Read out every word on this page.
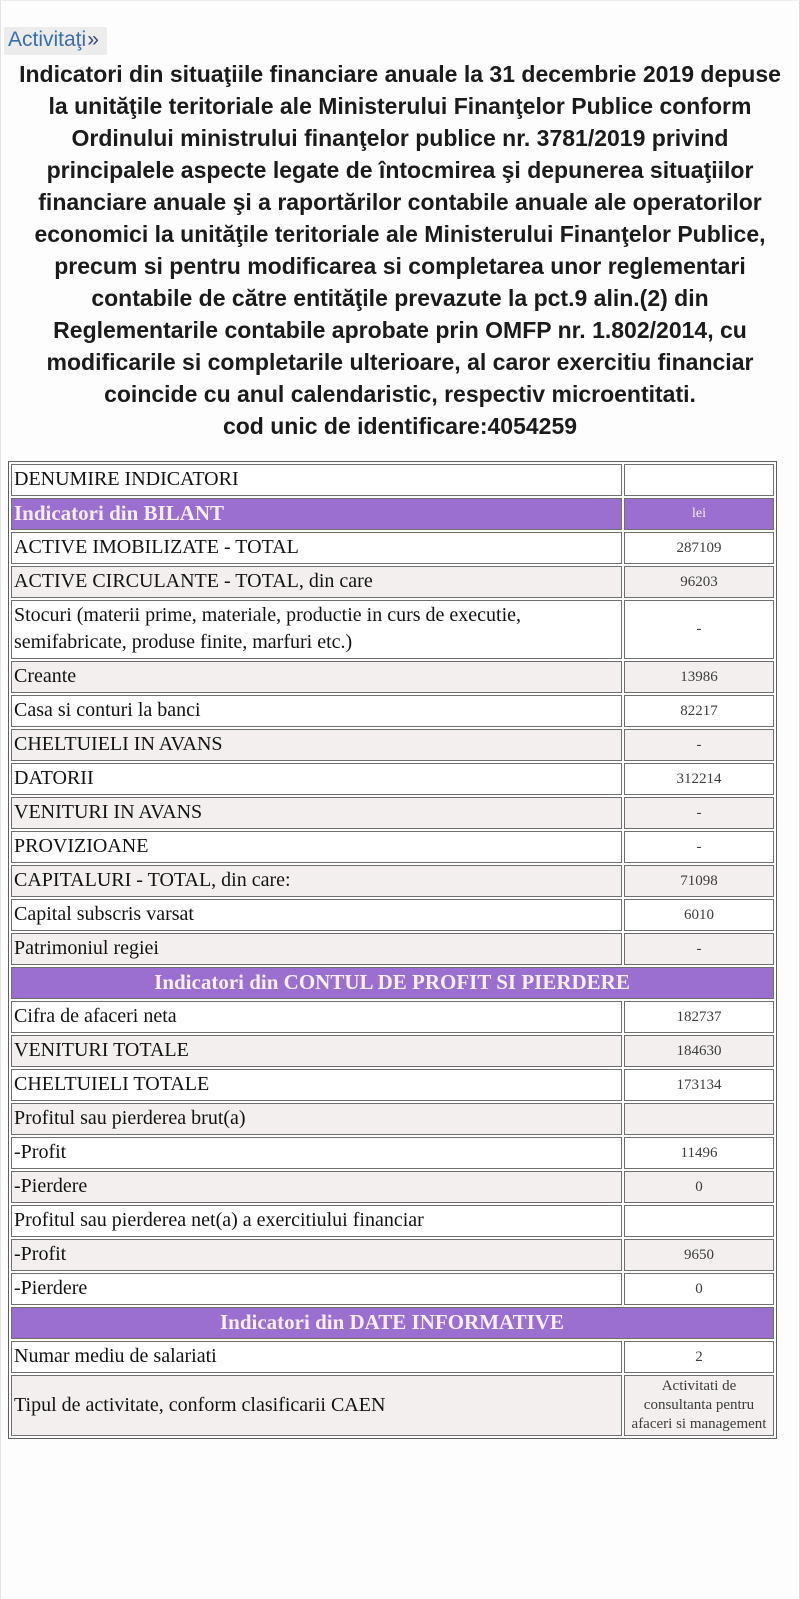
Activitaţi»
Indicatori din situaţiile financiare anuale la 31 decembrie 2019 depuse la unităţile teritoriale ale Ministerului Finanţelor Publice conform Ordinului ministrului finanţelor publice nr. 3781/2019 privind principalele aspecte legate de întocmirea şi depunerea situaţiilor financiare anuale şi a raportărilor contabile anuale ale operatorilor economici la unităţile teritoriale ale Ministerului Finanţelor Publice, precum si pentru modificarea si completarea unor reglementari contabile de către entităţile prevazute la pct.9 alin.(2) din Reglementarile contabile aprobate prin OMFP nr. 1.802/2014, cu modificarile si completarile ulterioare, al caror exercitiu financiar coincide cu anul calendaristic, respectiv microentitati.
cod unic de identificare:4054259
DENUMIRE INDICATORI	
Indicatori din BILANT	lei
ACTIVE IMOBILIZATE - TOTAL	287109
ACTIVE CIRCULANTE - TOTAL, din care	96203
Stocuri (materii prime, materiale, productie in curs de executie, semifabricate, produse finite, marfuri etc.)	-
Creante	13986
Casa si conturi la banci	82217
CHELTUIELI IN AVANS	-
DATORII	312214
VENITURI IN AVANS	-
PROVIZIOANE	-
CAPITALURI - TOTAL, din care:	71098
Capital subscris varsat	6010
Patrimoniul regiei	-
Indicatori din CONTUL DE PROFIT SI PIERDERE	
Cifra de afaceri neta	182737
VENITURI TOTALE	184630
CHELTUIELI TOTALE	173134
Profitul sau pierderea brut(a)	
-Profit	11496
-Pierdere	0
Profitul sau pierderea net(a) a exercitiului financiar	
-Profit	9650
-Pierdere	0
Indicatori din DATE INFORMATIVE	
Numar mediu de salariati	2
Tipul de activitate, conform clasificarii CAEN	Activitati de consultanta pentru afaceri si management
